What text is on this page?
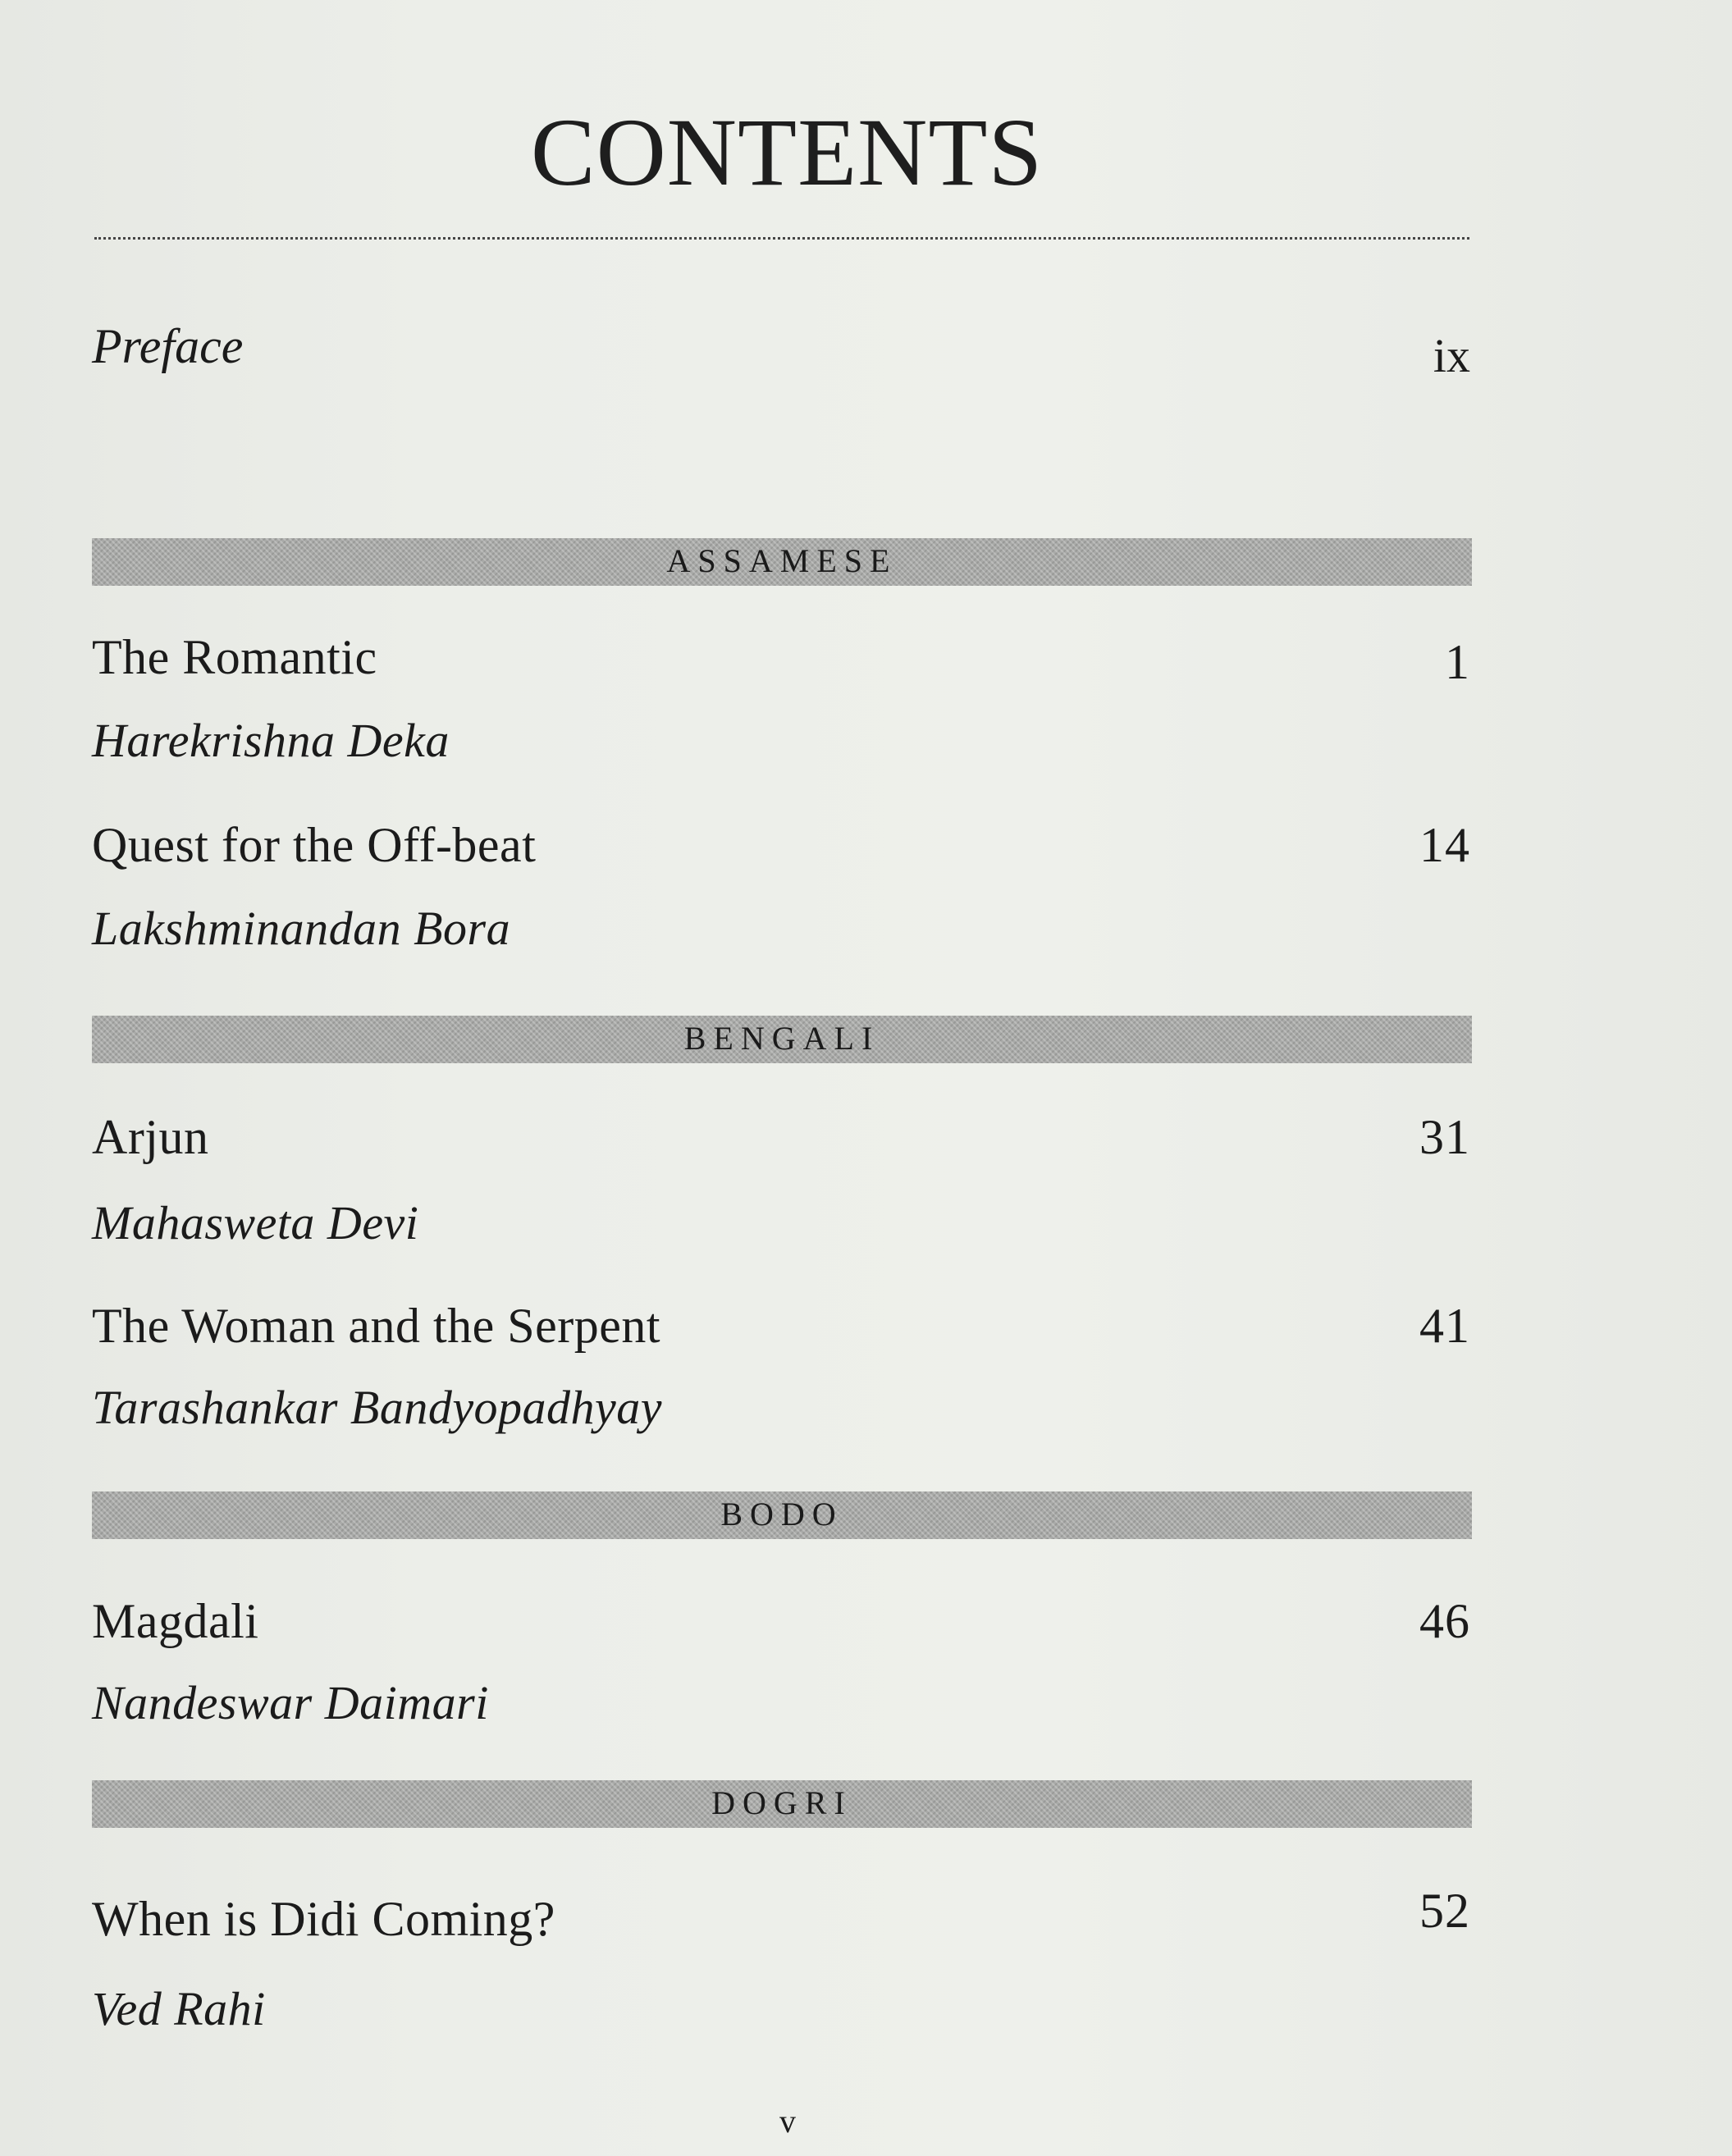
CONTENTS
Preface	ix
ASSAMESE
The Romantic	1
Harekrishna Deka
Quest for the Off-beat	14
Lakshminandan Bora
BENGALI
Arjun	31
Mahasweta Devi
The Woman and the Serpent	41
Tarashankar Bandyopadhyay
BODO
Magdali	46
Nandeswar Daimari
DOGRI
When is Didi Coming?	52
Ved Rahi
v
